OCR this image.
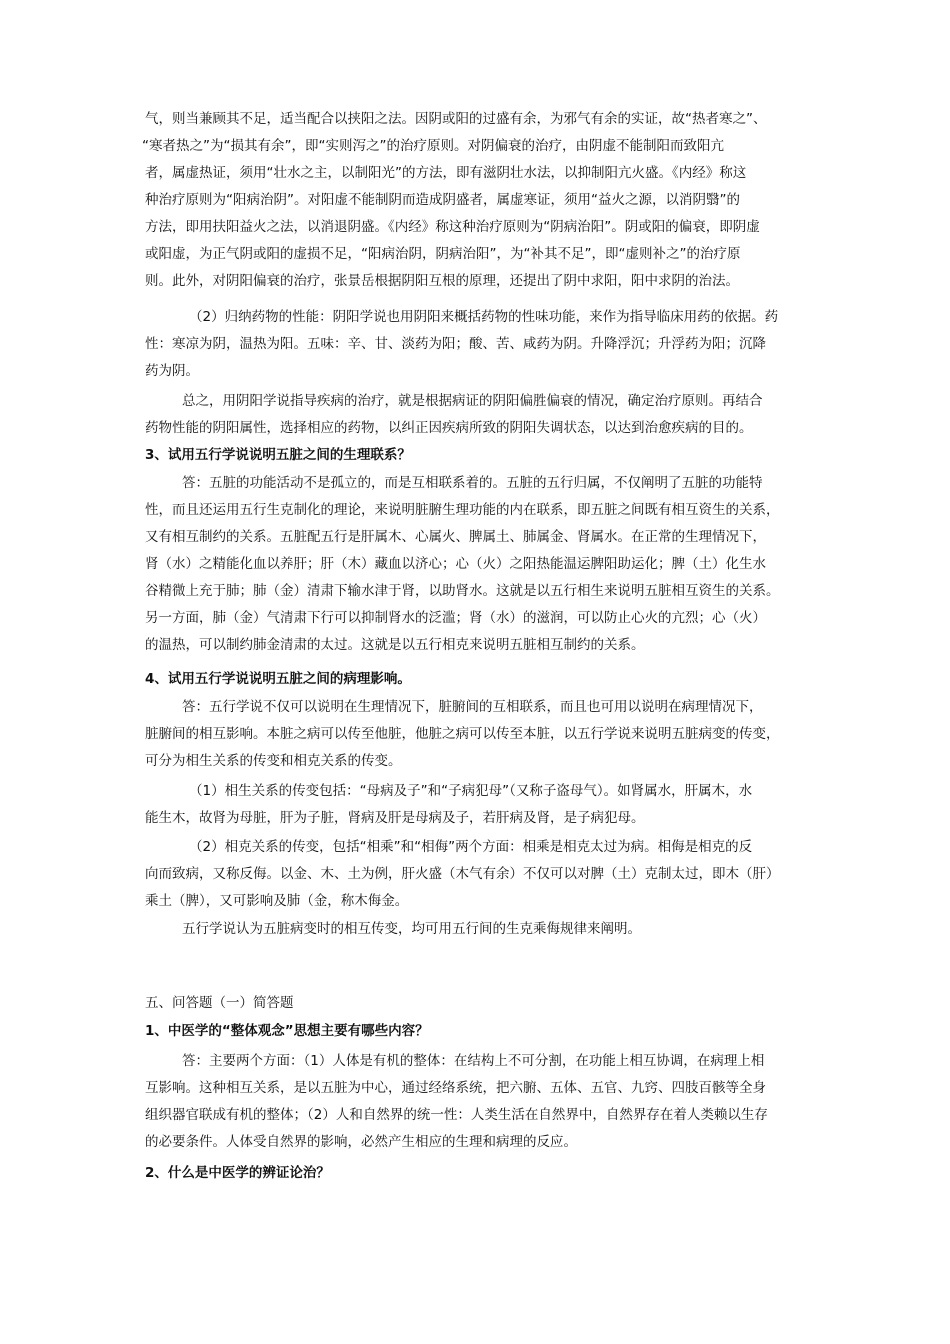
气，则当兼顾其不足，适当配合以挟阳之法。因阴或阳的过盛有余，为邪气有余的实证，故“热者寒之”、
“寒者热之”为“损其有余”，即“实则泻之”的治疗原则。对阴偏衰的治疗，由阴虚不能制阳而致阳亢
者，属虚热证，须用“壮水之主，以制阳光”的方法，即有滋阴壮水法，以抑制阳亢火盛。《内经》称这
种治疗原则为“阳病治阴”。对阳虚不能制阴而造成阴盛者，属虚寒证，须用“益火之源，以消阴翳”的
方法，即用扶阳益火之法，以消退阴盛。《内经》称这种治疗原则为“阴病治阳”。阴或阳的偏衰，即阴虚
或阳虚，为正气阴或阳的虚损不足，“阳病治阴，阴病治阳”，为“补其不足”，即“虚则补之”的治疗原
则。此外，对阴阳偏衰的治疗，张景岳根据阴阳互根的原理，还提出了阴中求阳，阳中求阴的治法。
（2）归纳药物的性能：阴阳学说也用阴阳来概括药物的性味功能，来作为指导临床用药的依据。药
性：寒凉为阴，温热为阳。五味：辛、甘、淡药为阳；酸、苦、咸药为阴。升降浮沉；升浮药为阳；沉降
药为阴。
总之，用阴阳学说指导疾病的治疗，就是根据病证的阴阳偏胜偏衰的情况，确定治疗原则。再结合
药物性能的阴阳属性，选择相应的药物，以纠正因疾病所致的阴阳失调状态，以达到治愈疾病的目的。
3、试用五行学说说明五脏之间的生理联系？
答：五脏的功能活动不是孤立的，而是互相联系着的。五脏的五行归属，不仅阐明了五脏的功能特
性，而且还运用五行生克制化的理论，来说明脏腑生理功能的内在联系，即五脏之间既有相互资生的关系，
又有相互制约的关系。五脏配五行是肝属木、心属火、脾属土、肺属金、肾属水。在正常的生理情况下，
肾（水）之精能化血以养肝；肝（木）藏血以济心；心（火）之阳热能温运脾阳助运化；脾（土）化生水
谷精微上充于肺；肺（金）清肃下输水津于肾，以助肾水。这就是以五行相生来说明五脏相互资生的关系。
另一方面，肺（金）气清肃下行可以抑制肾水的泛滥；肾（水）的滋润，可以防止心火的亢烈；心（火）
的温热，可以制约肺金清肃的太过。这就是以五行相克来说明五脏相互制约的关系。
4、试用五行学说说明五脏之间的病理影响。
答：五行学说不仅可以说明在生理情况下，脏腑间的互相联系，而且也可用以说明在病理情况下，
脏腑间的相互影响。本脏之病可以传至他脏，他脏之病可以传至本脏，以五行学说来说明五脏病变的传变，
可分为相生关系的传变和相克关系的传变。
（1）相生关系的传变包括：“母病及子”和“子病犯母”（又称子盗母气）。如肾属水，肝属木，水
能生木，故肾为母脏，肝为子脏，肾病及肝是母病及子，若肝病及肾，是子病犯母。
（2）相克关系的传变，包括“相乘”和“相侮”两个方面：相乘是相克太过为病。相侮是相克的反
向而致病，又称反侮。以金、木、土为例，肝火盛（木气有余）不仅可以对脾（土）克制太过，即木（肝）
乘土（脾），又可影响及肺（金，称木侮金。
五行学说认为五脏病变时的相互传变，均可用五行间的生克乘侮规律来阐明。
五、问答题（一）简答题
1、中医学的“整体观念”思想主要有哪些内容？
答：主要两个方面：（1）人体是有机的整体：在结构上不可分割，在功能上相互协调，在病理上相
互影响。这种相互关系，是以五脏为中心，通过经络系统，把六腑、五体、五官、九窍、四肢百骸等全身
组织器官联成有机的整体；（2）人和自然界的统一性：人类生活在自然界中，自然界存在着人类赖以生存
的必要条件。人体受自然界的影响，必然产生相应的生理和病理的反应。
2、什么是中医学的辨证论治？
